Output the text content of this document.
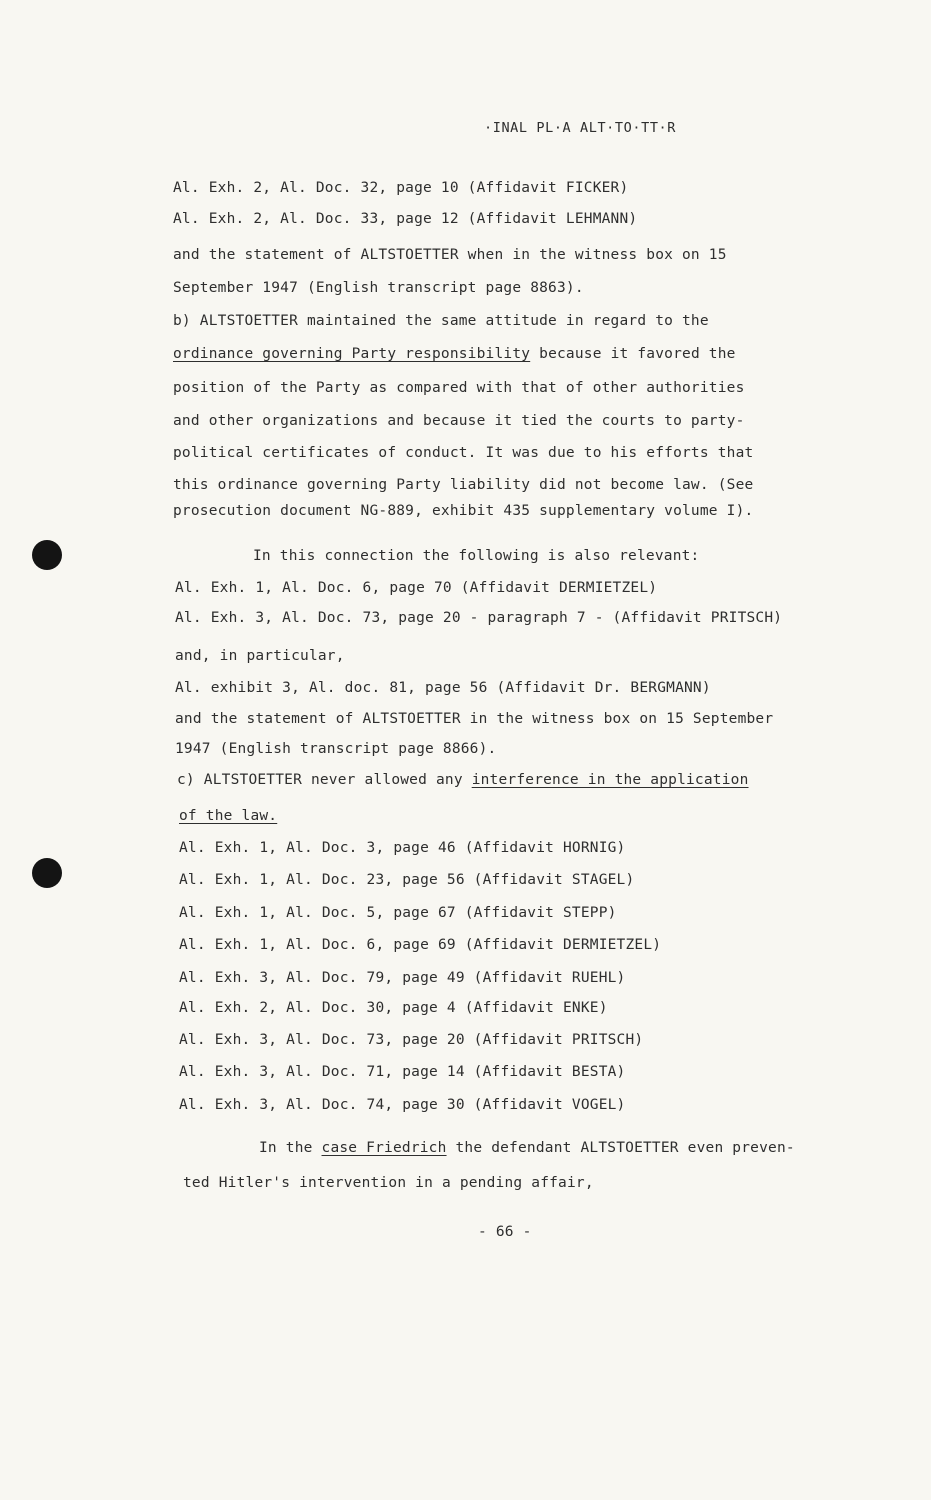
·INAL PL·A ALT·TO·TT·R
Al. Exh. 2, Al. Doc. 32, page 10 (Affidavit FICKER)
Al. Exh. 2, Al. Doc. 33, page 12 (Affidavit LEHMANN)
and the statement of ALTSTOETTER when in the witness box on 15
September 1947 (English transcript page 8863).
b) ALTSTOETTER maintained the same attitude in regard to the
ordinance governing Party responsibility because it favored the
position of the Party as compared with that of other authorities
and other organizations and because it tied the courts to party-
political certificates of conduct. It was due to his efforts that
this ordinance governing Party liability did not become law. (See
prosecution document NG-889, exhibit 435 supplementary volume I).
In this connection the following is also relevant:
Al. Exh. 1, Al. Doc. 6, page 70 (Affidavit DERMIETZEL)
Al. Exh. 3, Al. Doc. 73, page 20 - paragraph 7 - (Affidavit PRITSCH)
and, in particular,
Al. exhibit 3, Al. doc. 81, page 56 (Affidavit Dr. BERGMANN)
and the statement of ALTSTOETTER in the witness box on 15 September
1947 (English transcript page 8866).
c) ALTSTOETTER never allowed any interference in the application
of the law.
Al. Exh. 1, Al. Doc. 3, page 46 (Affidavit HORNIG)
Al. Exh. 1, Al. Doc. 23, page 56 (Affidavit STAGEL)
Al. Exh. 1, Al. Doc. 5, page 67 (Affidavit STEPP)
Al. Exh. 1, Al. Doc. 6, page 69 (Affidavit DERMIETZEL)
Al. Exh. 3, Al. Doc. 79, page 49 (Affidavit RUEHL)
Al. Exh. 2, Al. Doc. 30, page 4 (Affidavit ENKE)
Al. Exh. 3, Al. Doc. 73, page 20 (Affidavit PRITSCH)
Al. Exh. 3, Al. Doc. 71, page 14 (Affidavit BESTA)
Al. Exh. 3, Al. Doc. 74, page 30 (Affidavit VOGEL)
In the case Friedrich the defendant ALTSTOETTER even preven-
ted Hitler's intervention in a pending affair,
- 66 -
